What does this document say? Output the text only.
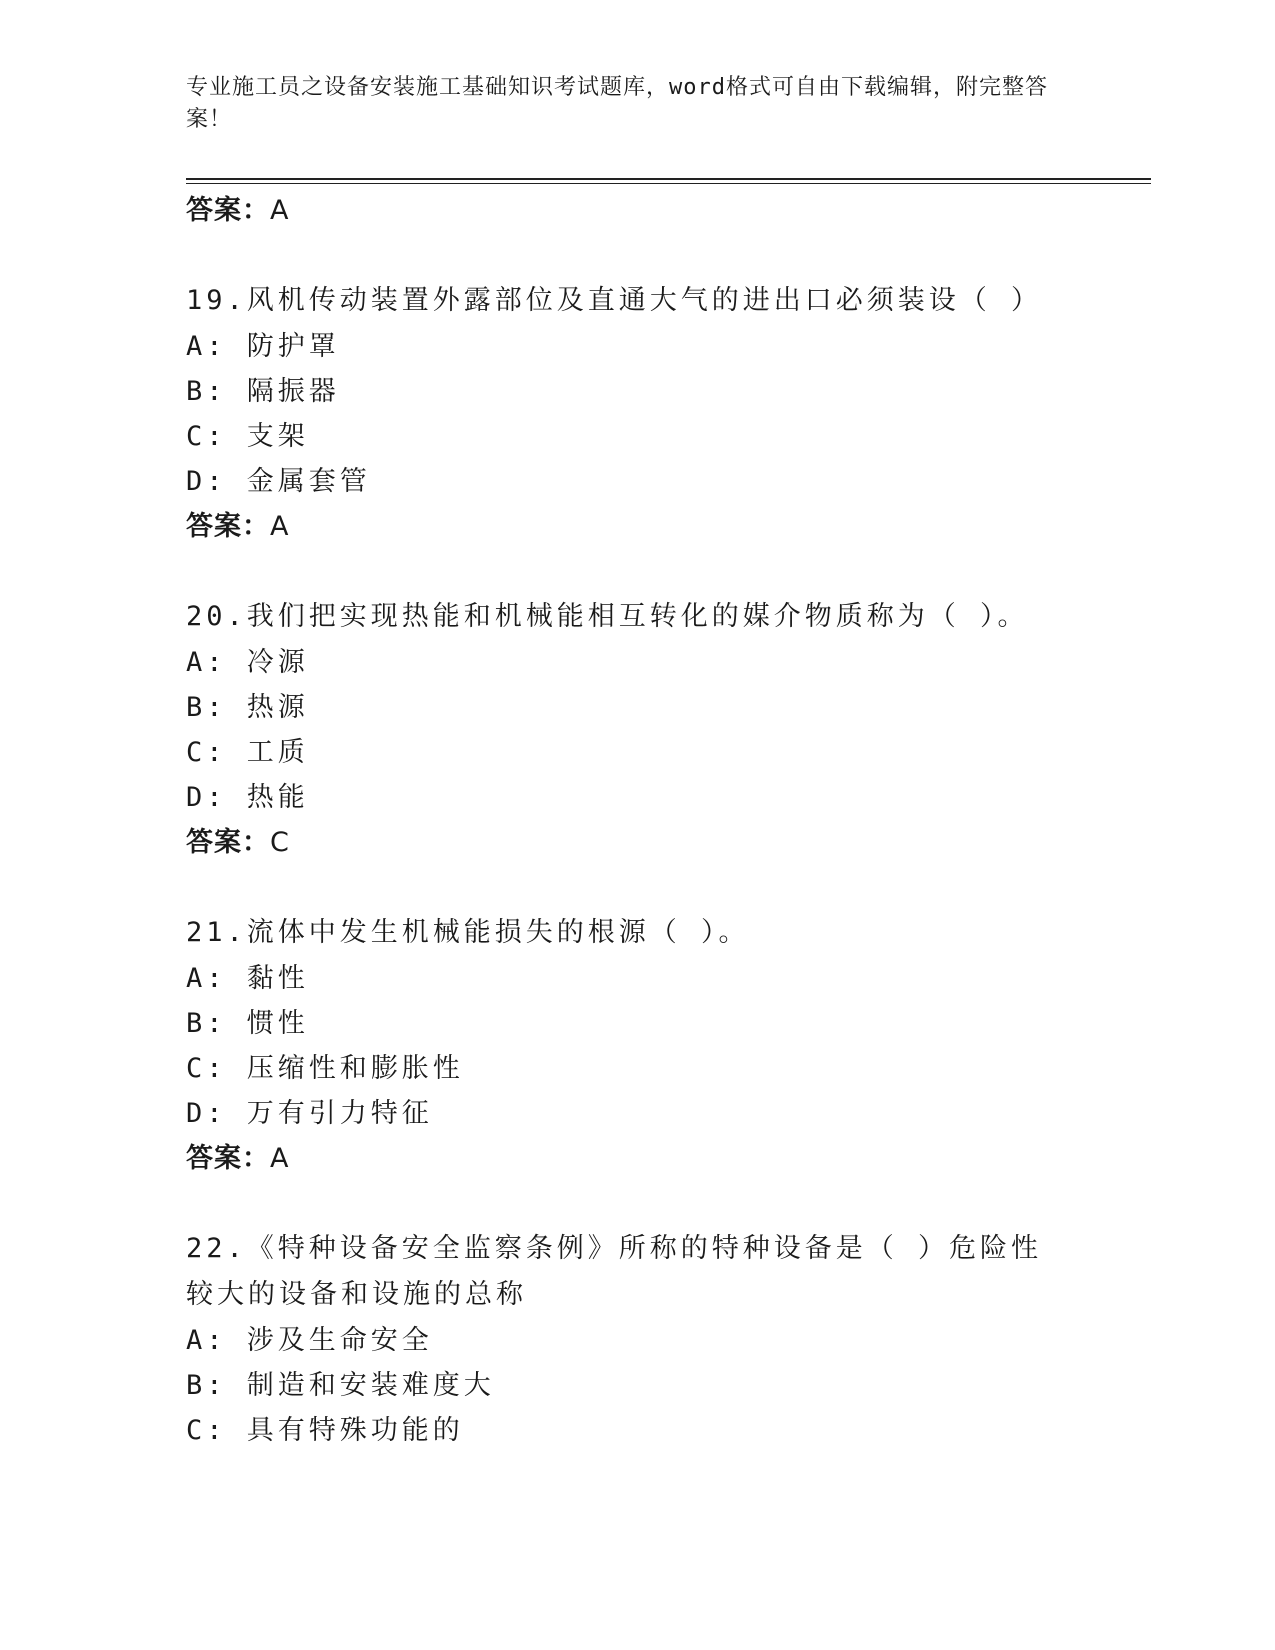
专业施工员之设备安装施工基础知识考试题库，word格式可自由下载编辑，附完整答案！
答案：A
19.风机传动装置外露部位及直通大气的进出口必须装设（ ）
A: 防护罩
B: 隔振器
C: 支架
D: 金属套管
答案：A
20.我们把实现热能和机械能相互转化的媒介物质称为（ ）。
A: 冷源
B: 热源
C: 工质
D: 热能
答案：C
21.流体中发生机械能损失的根源（ ）。
A: 黏性
B: 惯性
C: 压缩性和膨胀性
D: 万有引力特征
答案：A
22.《特种设备安全监察条例》所称的特种设备是（ ）危险性较大的设备和设施的总称
A: 涉及生命安全
B: 制造和安装难度大
C: 具有特殊功能的
